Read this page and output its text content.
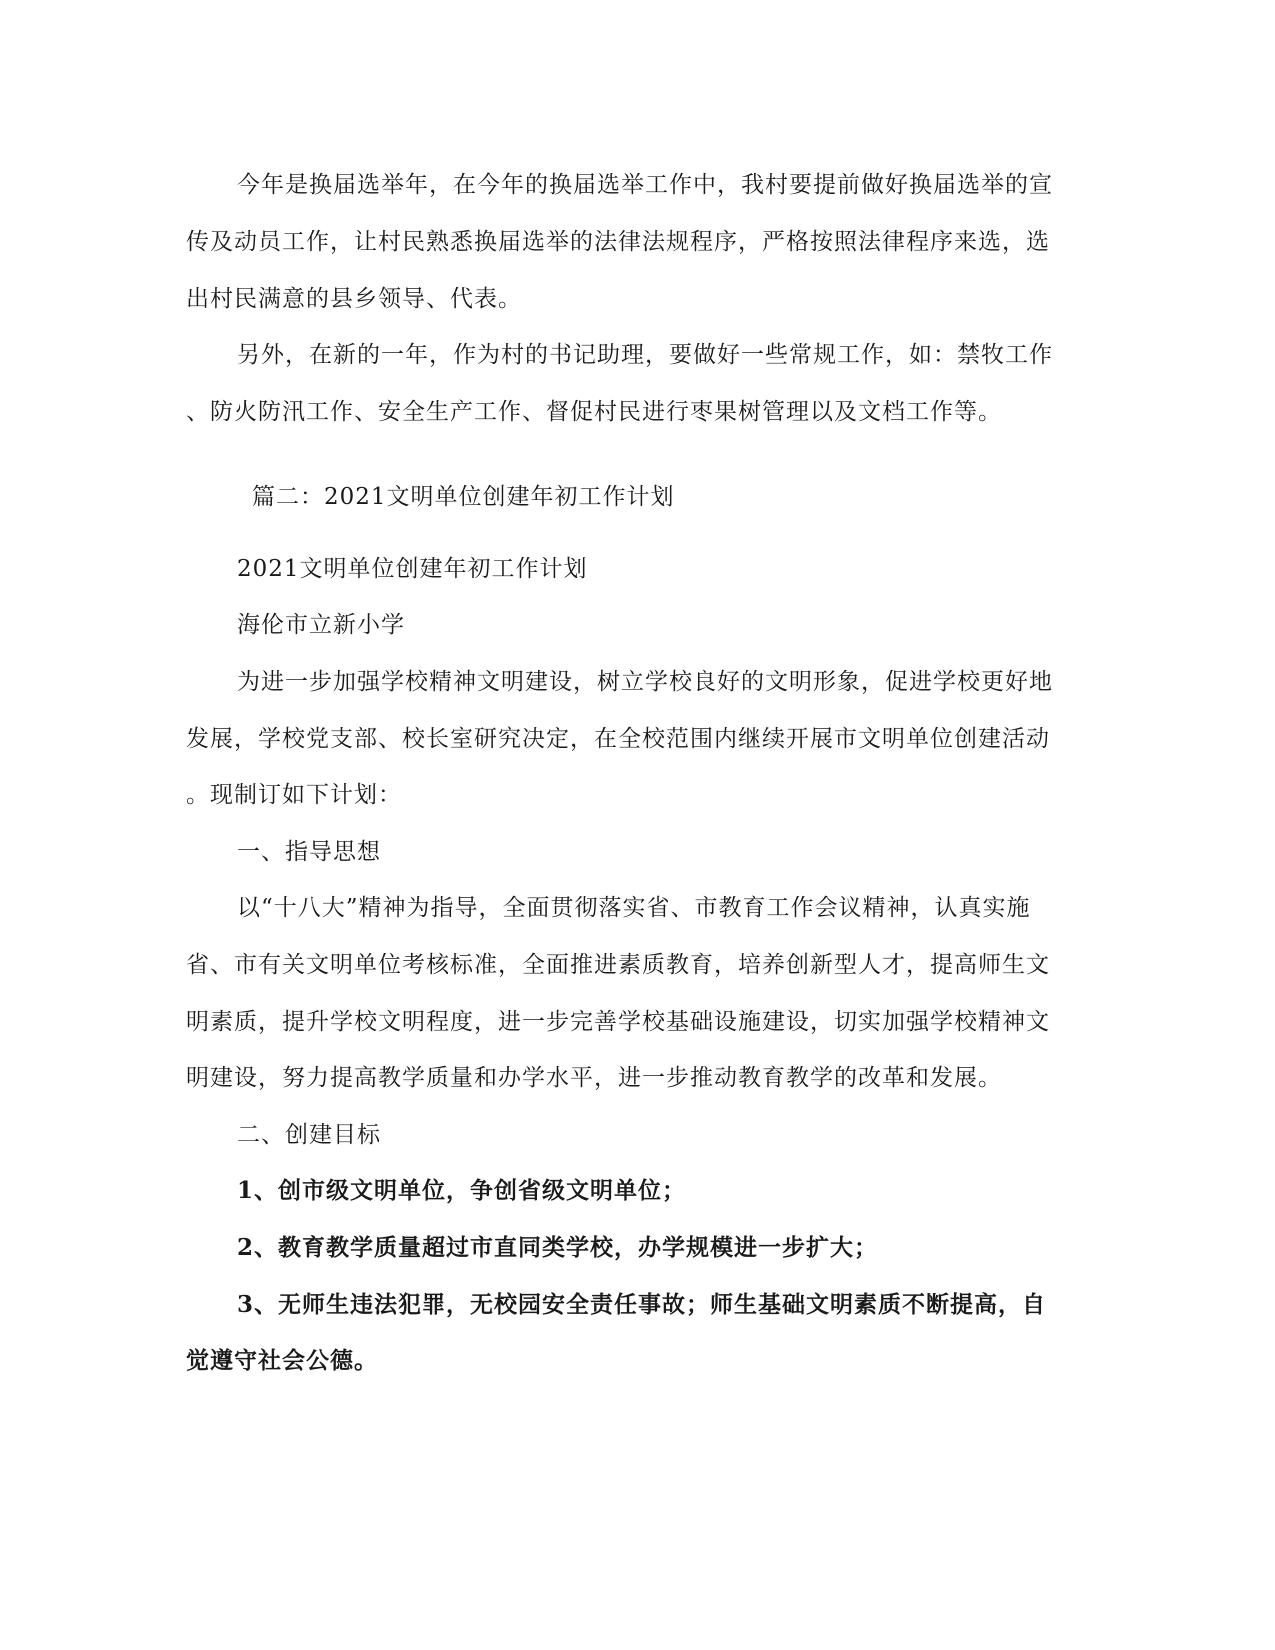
今年是换届选举年，在今年的换届选举工作中，我村要提前做好换届选举的宣
传及动员工作，让村民熟悉换届选举的法律法规程序，严格按照法律程序来选，选
出村民满意的县乡领导、代表。
另外，在新的一年，作为村的书记助理，要做好一些常规工作，如：禁牧工作
、防火防汛工作、安全生产工作、督促村民进行枣果树管理以及文档工作等。
篇二：2021文明单位创建年初工作计划
2021文明单位创建年初工作计划
海伦市立新小学
为进一步加强学校精神文明建设，树立学校良好的文明形象，促进学校更好地
发展，学校党支部、校长室研究决定，在全校范围内继续开展市文明单位创建活动
。现制订如下计划：
一、指导思想
以“十八大”精神为指导，全面贯彻落实省、市教育工作会议精神，认真实施
省、市有关文明单位考核标准，全面推进素质教育，培养创新型人才，提高师生文
明素质，提升学校文明程度，进一步完善学校基础设施建设，切实加强学校精神文
明建设，努力提高教学质量和办学水平，进一步推动教育教学的改革和发展。
二、创建目标
1、创市级文明单位，争创省级文明单位；
2、教育教学质量超过市直同类学校，办学规模进一步扩大；
3、无师生违法犯罪，无校园安全责任事故；师生基础文明素质不断提高，自
觉遵守社会公德。
